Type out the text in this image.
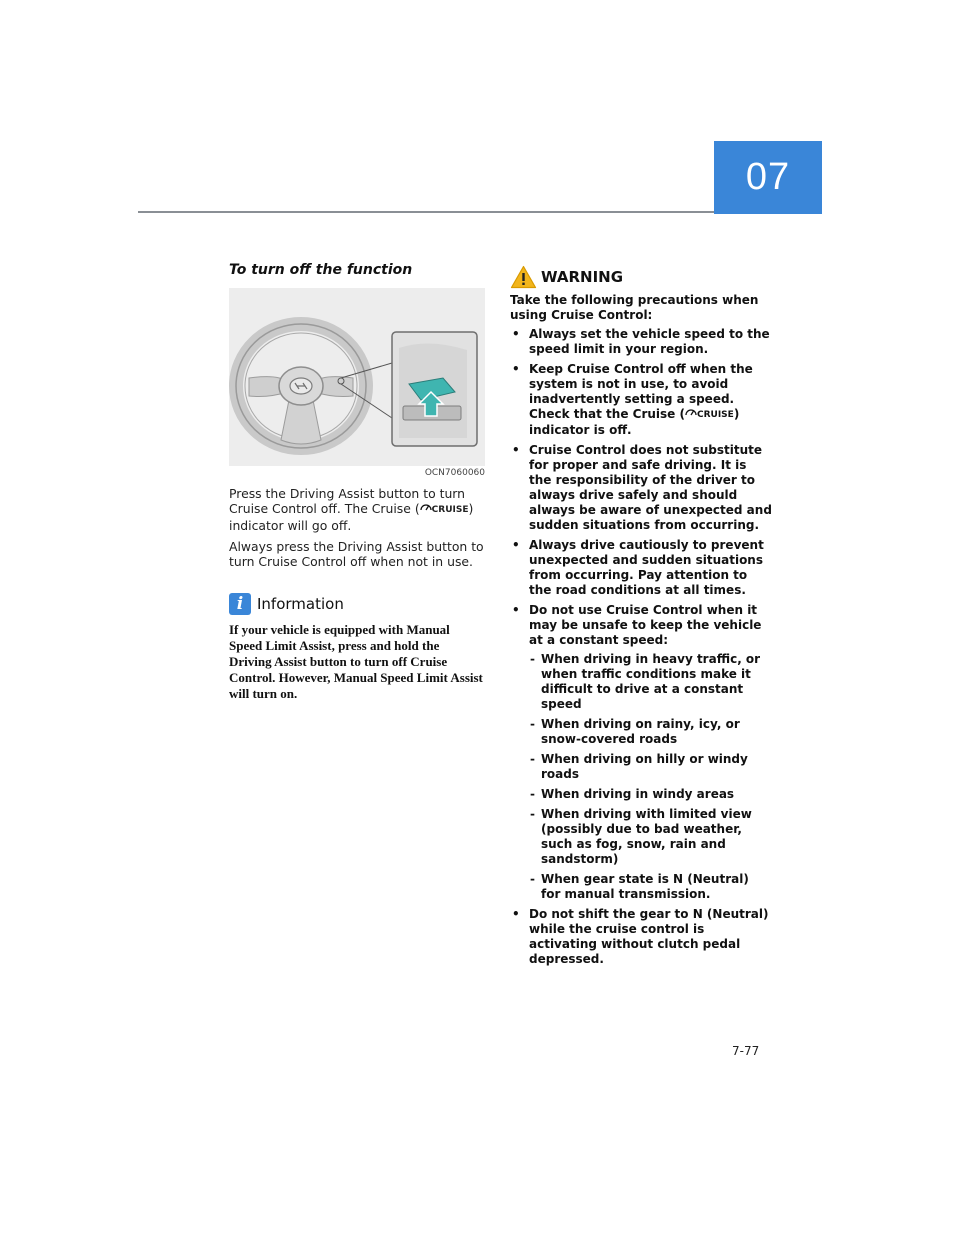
07
To turn off the function
OCN7060060

Press the Driving Assist button to turn Cruise Control off. The Cruise ( CRUISE) indicator will go off.

Always press the Driving Assist button to turn Cruise Control off when not in use.

i Information

If your vehicle is equipped with Manual Speed Limit Assist, press and hold the Driving Assist button to turn off Cruise Control. However, Manual Speed Limit Assist will turn on.

WARNING

Take the following precautions when using Cruise Control:

• Always set the vehicle speed to the speed limit in your region.
• Keep Cruise Control off when the system is not in use, to avoid inadvertently setting a speed. Check that the Cruise ( CRUISE) indicator is off.
• Cruise Control does not substitute for proper and safe driving. It is the responsibility of the driver to always drive safely and should always be aware of unexpected and sudden situations from occurring.
• Always drive cautiously to prevent unexpected and sudden situations from occurring. Pay attention to the road conditions at all times.
• Do not use Cruise Control when it may be unsafe to keep the vehicle at a constant speed:
- When driving in heavy traffic, or when traffic conditions make it difficult to drive at a constant speed
- When driving on rainy, icy, or snow-covered roads
- When driving on hilly or windy roads
- When driving in windy areas
- When driving with limited view (possibly due to bad weather, such as fog, snow, rain and sandstorm)
- When gear state is N (Neutral) for manual transmission.
• Do not shift the gear to N (Neutral) while the cruise control is activating without clutch pedal depressed.
7-77
